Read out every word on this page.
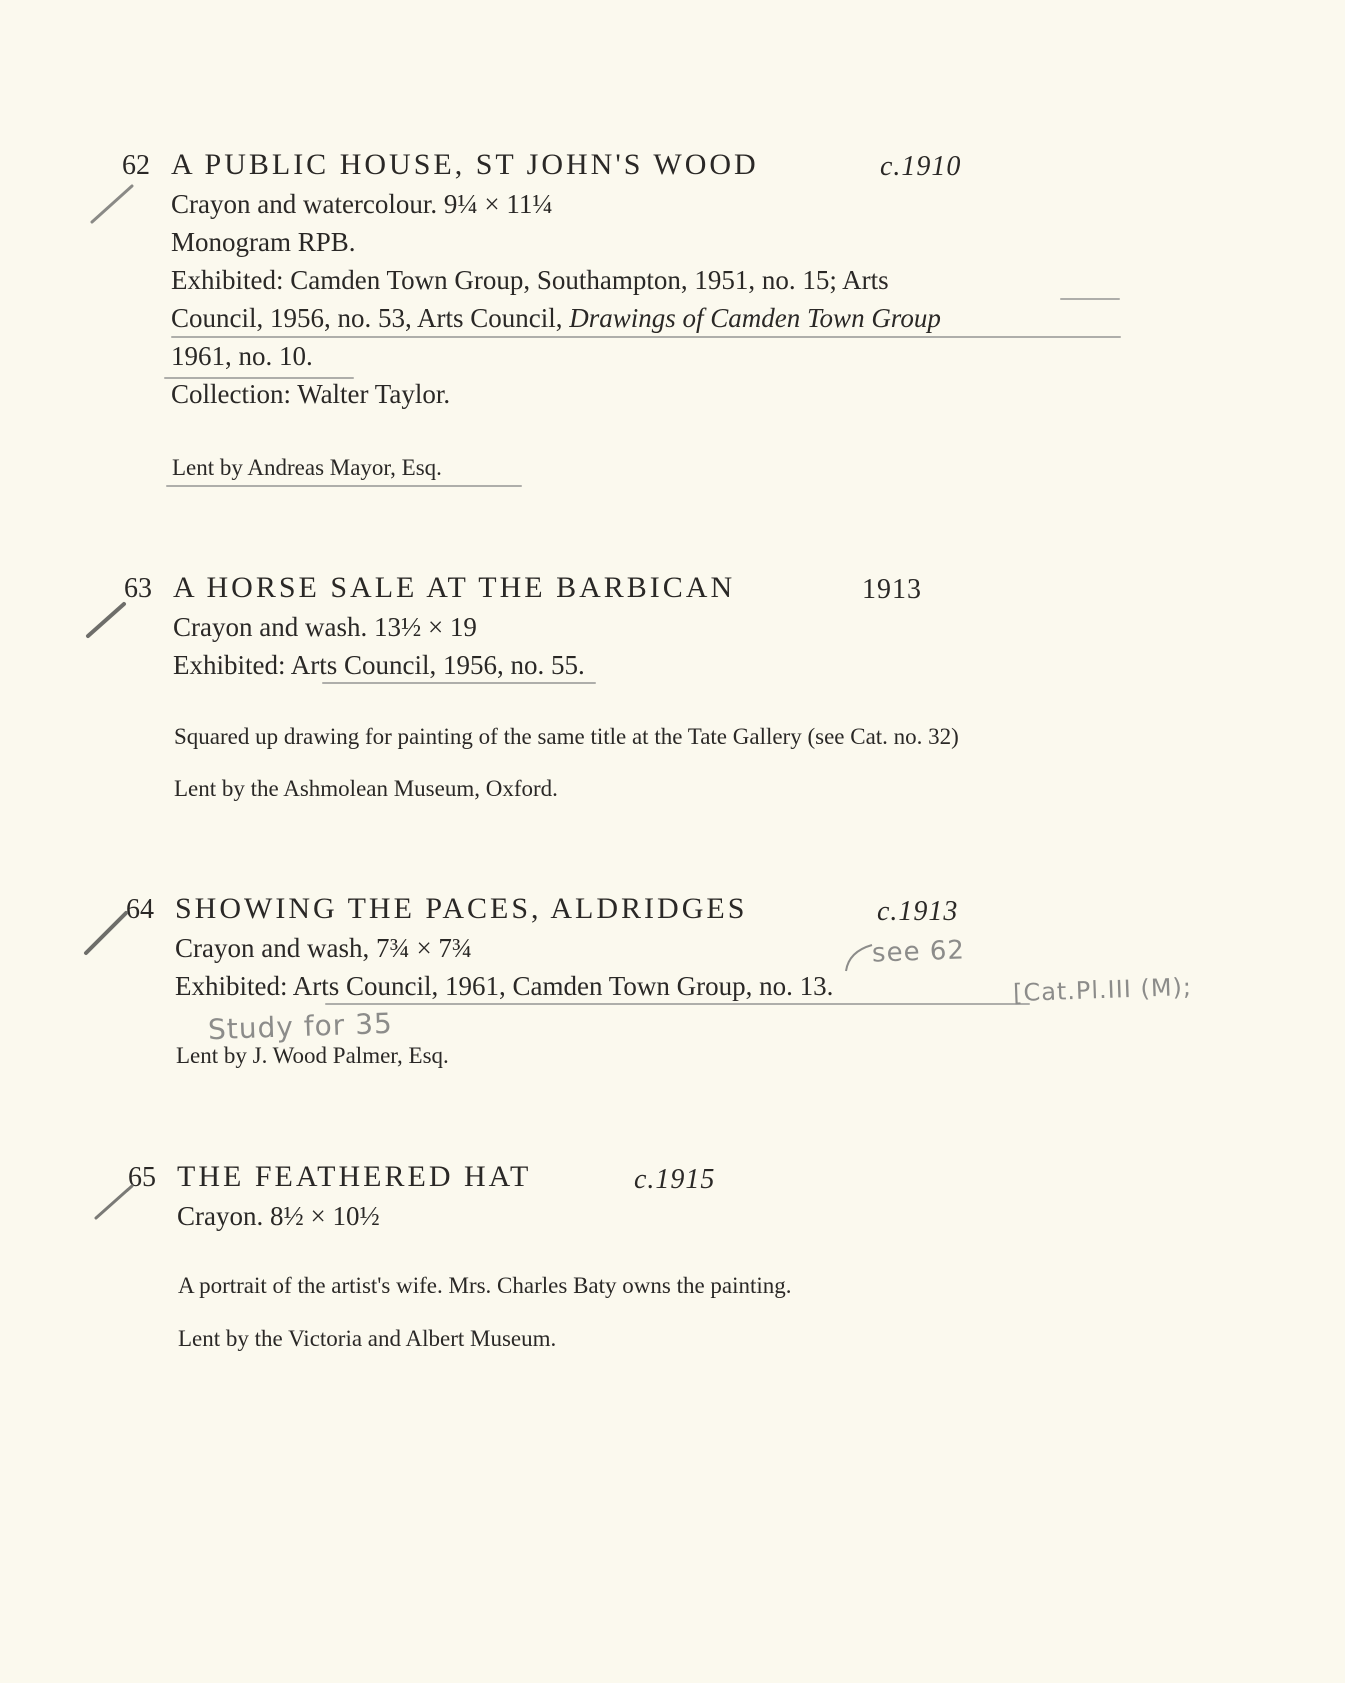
62 A PUBLIC HOUSE, ST JOHN'S WOOD	c.1910
Crayon and watercolour. 9¼ × 11¼
Monogram RPB.
Exhibited: Camden Town Group, Southampton, 1951, no. 15; Arts
Council, 1956, no. 53, Arts Council, Drawings of Camden Town Group
1961, no. 10.
Collection: Walter Taylor.
Lent by Andreas Mayor, Esq.
63 A HORSE SALE AT THE BARBICAN	1913
Crayon and wash. 13½ × 19
Exhibited: Arts Council, 1956, no. 55.
Squared up drawing for painting of the same title at the Tate Gallery (see Cat. no. 32)
Lent by the Ashmolean Museum, Oxford.
64 SHOWING THE PACES, ALDRIDGES	c.1913
Crayon and wash, 7¾ × 7¾
Exhibited: Arts Council, 1961, Camden Town Group, no. 13.
Lent by J. Wood Palmer, Esq.
see 62
[Cat.Pl.III (M);
Study for 35
65 THE FEATHERED HAT	c.1915
Crayon. 8½ × 10½
A portrait of the artist's wife. Mrs. Charles Baty owns the painting.
Lent by the Victoria and Albert Museum.
